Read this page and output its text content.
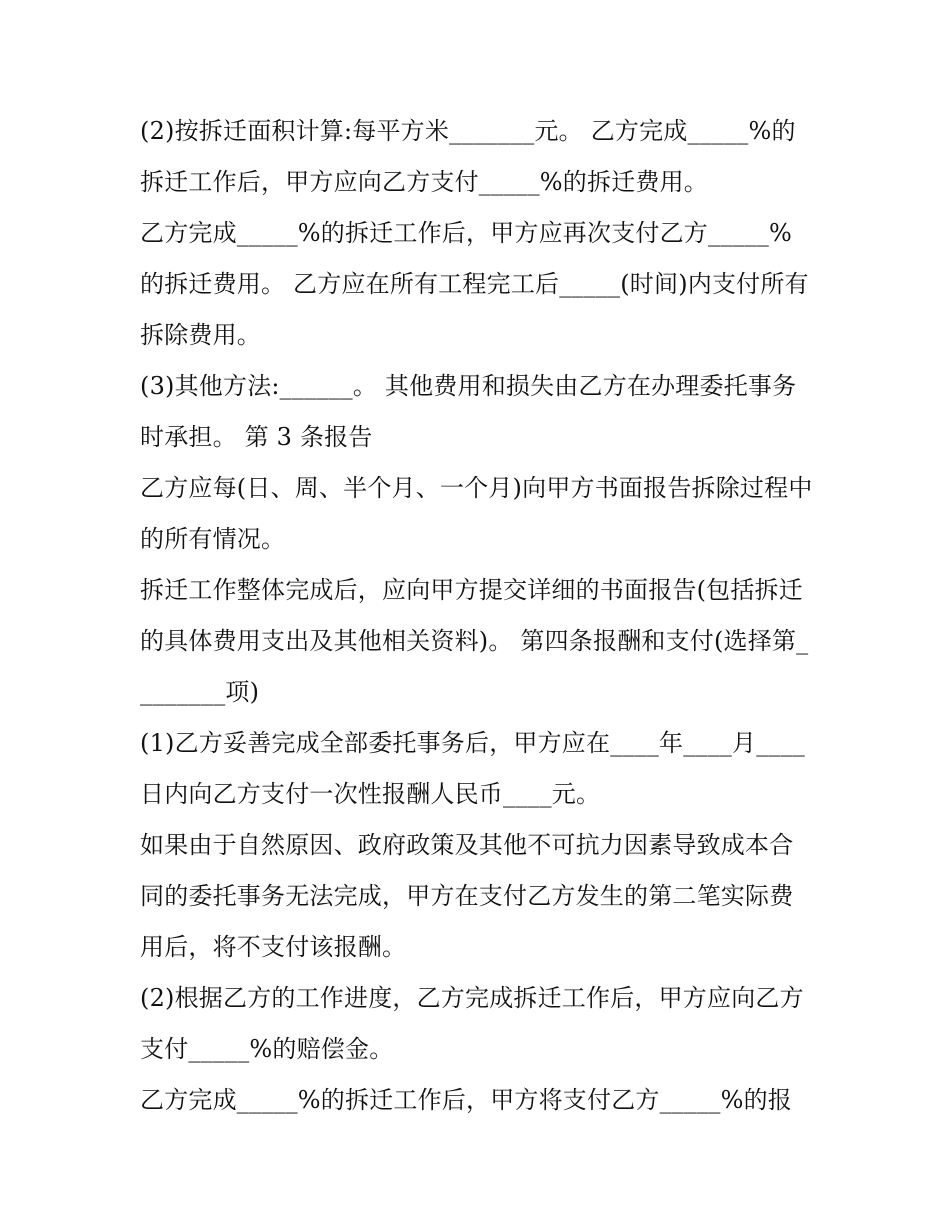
(2)按拆迁面积计算:每平方米_______元。 乙方完成_____%的拆迁工作后，甲方应向乙方支付_____%的拆迁费用。

乙方完成_____%的拆迁工作后，甲方应再次支付乙方_____%的拆迁费用。 乙方应在所有工程完工后_____(时间)内支付所有拆除费用。

(3)其他方法:______。 其他费用和损失由乙方在办理委托事务时承担。 第 3 条报告

乙方应每(日、周、半个月、一个月)向甲方书面报告拆除过程中的所有情况。

拆迁工作整体完成后，应向甲方提交详细的书面报告(包括拆迁的具体费用支出及其他相关资料)。 第四条报酬和支付(选择第________项)

(1)乙方妥善完成全部委托事务后，甲方应在____年____月____日内向乙方支付一次性报酬人民币____元。

如果由于自然原因、政府政策及其他不可抗力因素导致成本合同的委托事务无法完成，甲方在支付乙方发生的第二笔实际费用后，将不支付该报酬。

(2)根据乙方的工作进度，乙方完成拆迁工作后，甲方应向乙方支付_____%的赔偿金。

乙方完成_____%的拆迁工作后，甲方将支付乙方_____%的报
